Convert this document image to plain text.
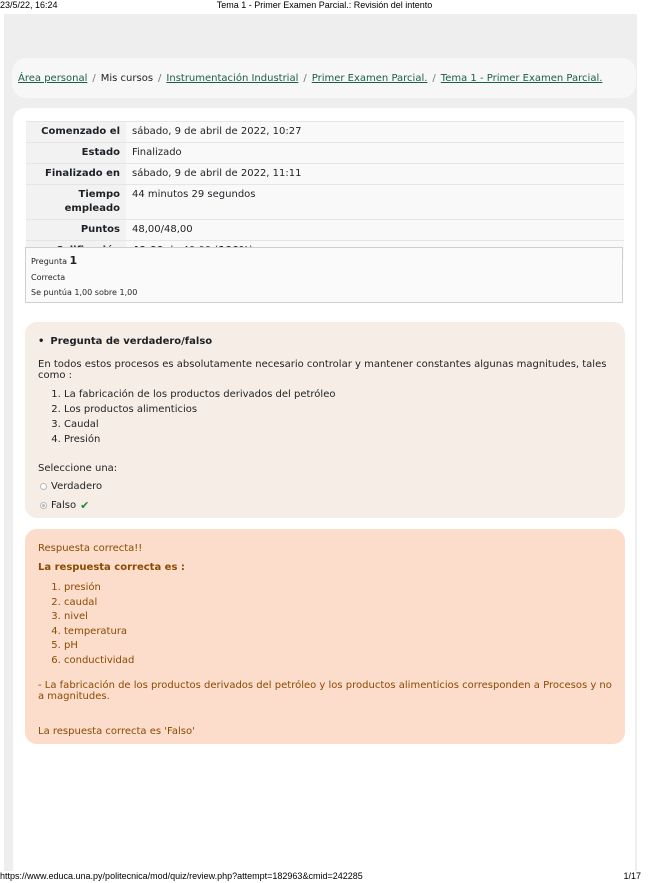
23/5/22, 16:24	Tema 1 - Primer Examen Parcial.: Revisión del intento
Área personal / Mis cursos / Instrumentación Industrial / Primer Examen Parcial. / Tema 1 - Primer Examen Parcial.
Comenzado el	sábado, 9 de abril de 2022, 10:27
Estado	Finalizado
Finalizado en	sábado, 9 de abril de 2022, 11:11
Tiempo
empleado	44 minutos 29 segundos
Puntos	48,00/48,00

Pregunta 1
Correcta
Se puntúa 1,00 sobre 1,00
• Pregunta de verdadero/falso
En todos estos procesos es absolutamente necesario controlar y mantener constantes algunas magnitudes, tales como :
1. La fabricación de los productos derivados del petróleo
2. Los productos alimenticios
3. Caudal
4. Presión
Seleccione una:
Verdadero
Falso ✔
Respuesta correcta!!
La respuesta correcta es :
1. presión
2. caudal
3. nivel
4. temperatura
5. pH
6. conductividad
- La fabricación de los productos derivados del petróleo y los productos alimenticios corresponden a Procesos y no a magnitudes.
La respuesta correcta es 'Falso'
https://www.educa.una.py/politecnica/mod/quiz/review.php?attempt=182963&cmid=242285	1/17
